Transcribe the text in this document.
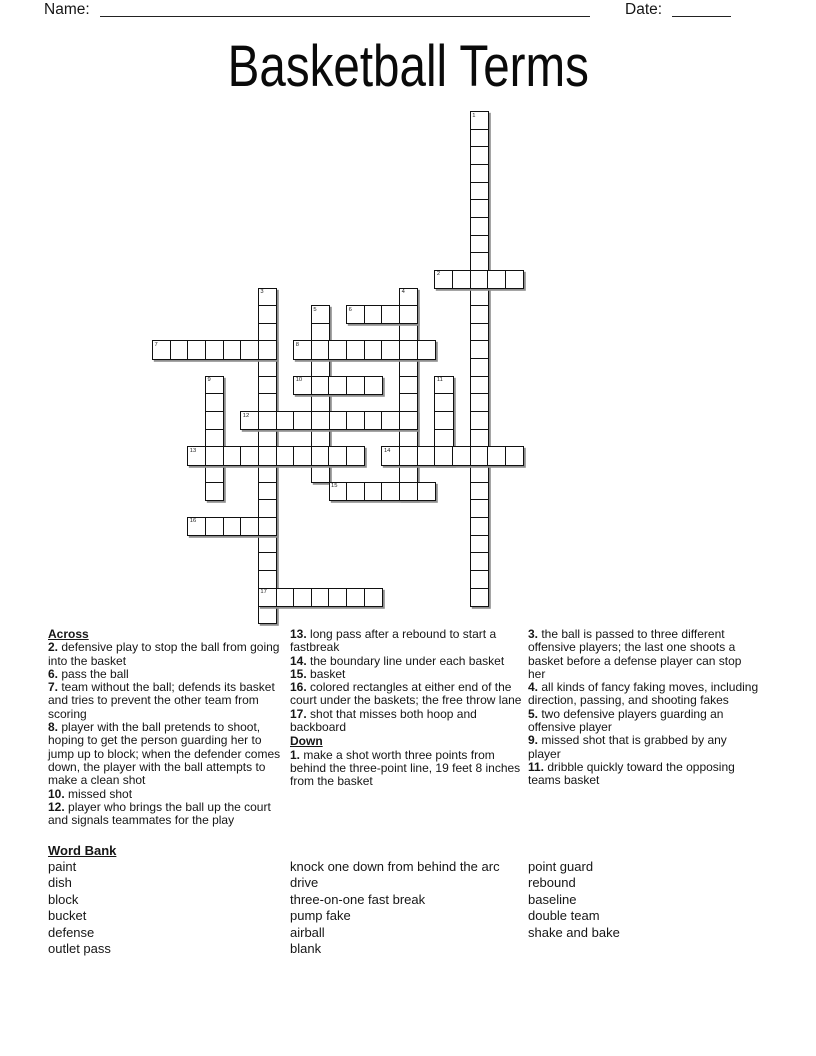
Name:	Date:
Basketball Terms
1
2
3	4
5	6
7	8
9	10	11
12
13	14
15
16
17
Across
2. defensive play to stop the ball from going into the basket
6. pass the ball
7. team without the ball; defends its basket and tries to prevent the other team from scoring
8. player with the ball pretends to shoot, hoping to get the person guarding her to jump up to block; when the defender comes down, the player with the ball attempts to make a clean shot
10. missed shot
12. player who brings the ball up the court and signals teammates for the play
13. long pass after a rebound to start a fastbreak
14. the boundary line under each basket
15. basket
16. colored rectangles at either end of the court under the baskets; the free throw lane
17. shot that misses both hoop and backboard
Down
1. make a shot worth three points from behind the three-point line, 19 feet 8 inches from the basket
3. the ball is passed to three different offensive players; the last one shoots a basket before a defense player can stop her
4. all kinds of fancy faking moves, including direction, passing, and shooting fakes
5. two defensive players guarding an offensive player
9. missed shot that is grabbed by any player
11. dribble quickly toward the opposing teams basket
Word Bank
paint
dish
block
bucket
defense
outlet pass
knock one down from behind the arc
drive
three-on-one fast break
pump fake
airball
blank
point guard
rebound
baseline
double team
shake and bake
